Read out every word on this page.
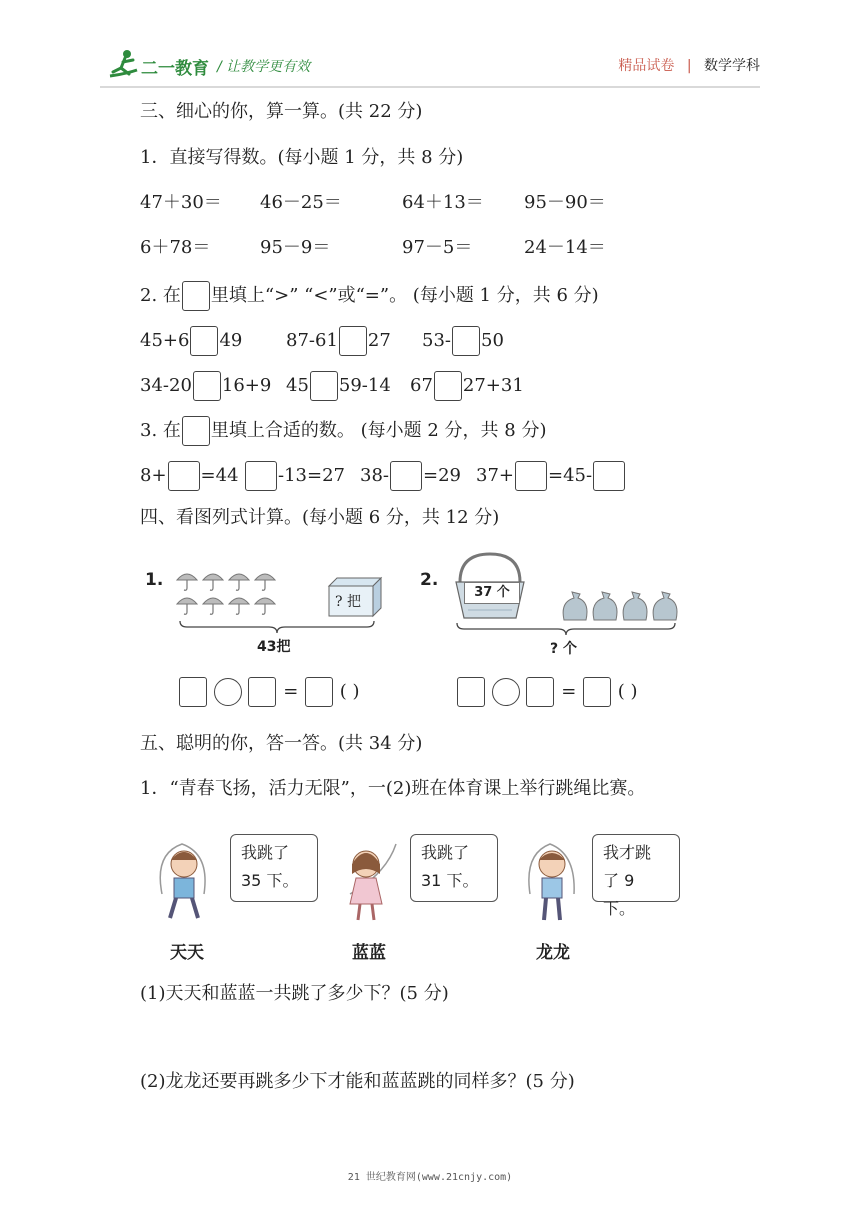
二一教育 / 让教学更有效	精品试卷 | 数学学科
三、细心的你，算一算。(共 22 分)
1．直接写得数。(每小题 1 分，共 8 分)
47＋30＝ 46－25＝	64＋13＝ 95－90＝
6＋78＝	95－9＝	97－5＝	24－14＝
2. 在 里填上“>” “<”或“=”。 (每小题 1 分，共 6 分)
45+6 49 87-61 27 53- 50
34-20 16+9 45 59-14 67 27+31
3. 在 里填上合适的数。 (每小题 2 分，共 8 分)
8+ =44	-13=27 38- =29 37+ =45-
四、看图列式计算。(每小题 6 分，共 12 分)
1.
? 把
43把
2.
37 个
? 个
= ( )	= ( )
五、聪明的你，答一答。(共 34 分)
1．“青春飞扬，活力无限”，一(2)班在体育课上举行跳绳比赛。
我跳了
35 下。
天天
我跳了
31 下。
蓝蓝
我才跳
了 9 下。
龙龙
(1)天天和蓝蓝一共跳了多少下？(5 分)
(2)龙龙还要再跳多少下才能和蓝蓝跳的同样多？(5 分)
21 世纪教育网(www.21cnjy.com)
